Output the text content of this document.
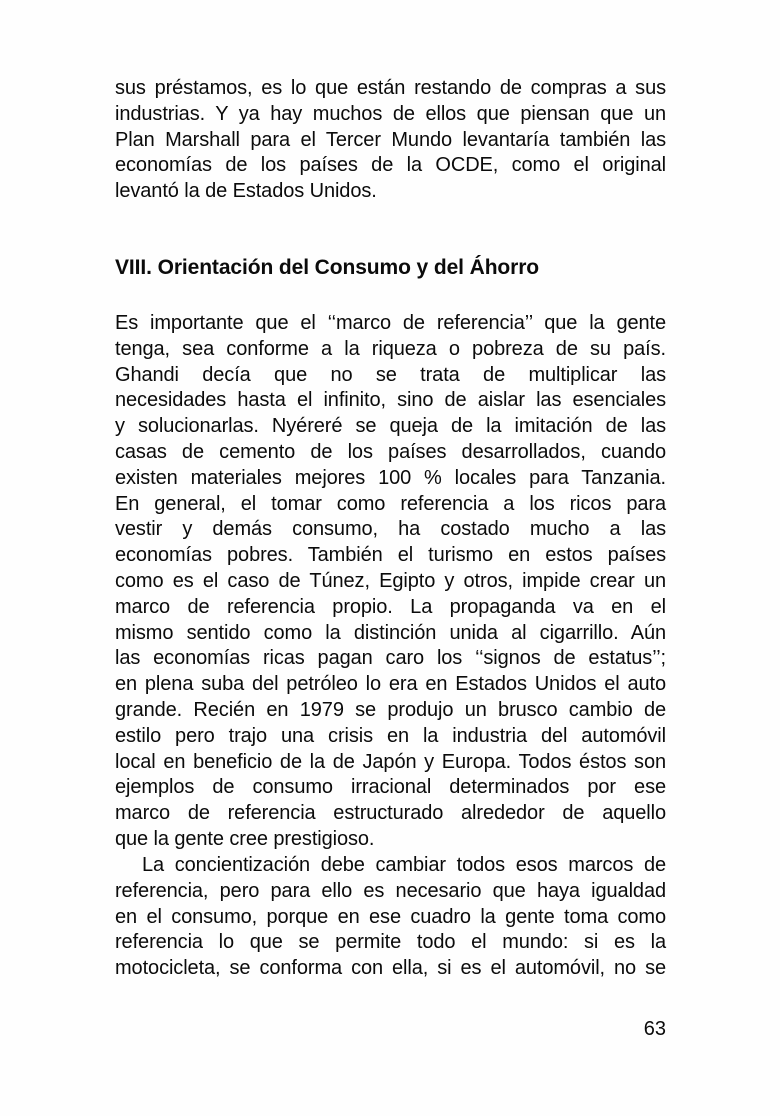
sus préstamos, es lo que están restando de compras a sus
industrias. Y ya hay muchos de ellos que piensan que un
Plan Marshall para el Tercer Mundo levantaría también las
economías de los países de la OCDE, como el original
levantó la de Estados Unidos.
VIII. Orientación del Consumo y del Áhorro
Es importante que el ‘‘marco de referencia’’ que la gente
tenga, sea conforme a la riqueza o pobreza de su país.
Ghandi decía que no se trata de multiplicar las
necesidades hasta el infinito, sino de aislar las esenciales
y solucionarlas. Nyéreré se queja de la imitación de las
casas de cemento de los países desarrollados, cuando
existen materiales mejores 100 % locales para Tanzania.
En general, el tomar como referencia a los ricos para
vestir y demás consumo, ha costado mucho a las
economías pobres. También el turismo en estos países
como es el caso de Túnez, Egipto y otros, impide crear un
marco de referencia propio. La propaganda va en el
mismo sentido como la distinción unida al cigarrillo. Aún
las economías ricas pagan caro los ‘‘signos de estatus’’;
en plena suba del petróleo lo era en Estados Unidos el auto
grande. Recién en 1979 se produjo un brusco cambio de
estilo pero trajo una crisis en la industria del automóvil
local en beneficio de la de Japón y Europa. Todos éstos son
ejemplos de consumo irracional determinados por ese
marco de referencia estructurado alrededor de aquello
que la gente cree prestigioso.
La concientización debe cambiar todos esos marcos de
referencia, pero para ello es necesario que haya igualdad
en el consumo, porque en ese cuadro la gente toma como
referencia lo que se permite todo el mundo: si es la
motocicleta, se conforma con ella, si es el automóvil, no se
63
